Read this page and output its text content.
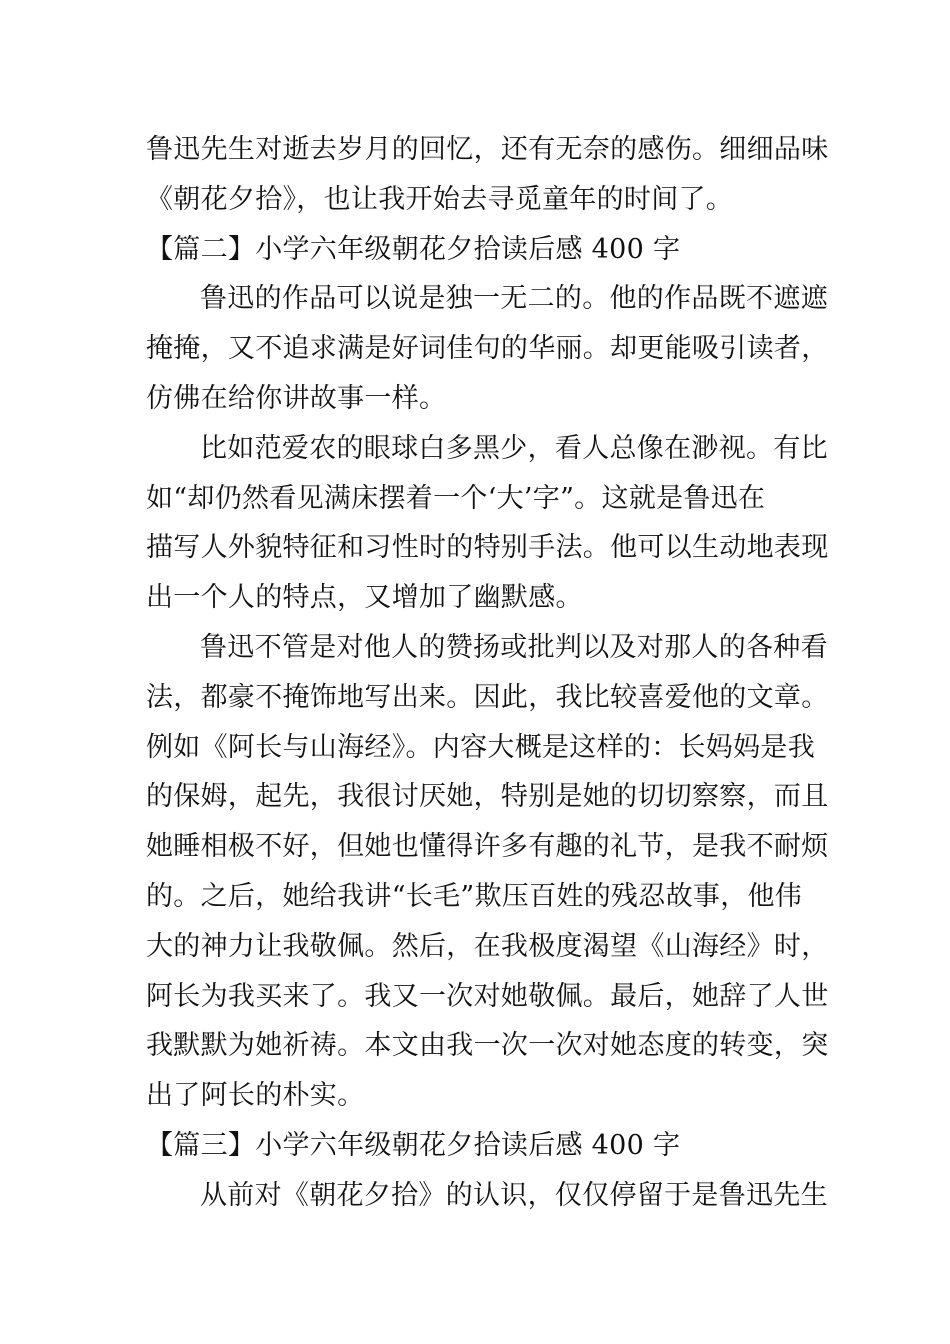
鲁迅先生对逝去岁月的回忆，还有无奈的感伤。细细品味
《朝花夕拾》，也让我开始去寻觅童年的时间了。
【篇二】小学六年级朝花夕拾读后感 400 字
鲁迅的作品可以说是独一无二的。他的作品既不遮遮
掩掩，又不追求满是好词佳句的华丽。却更能吸引读者，
仿佛在给你讲故事一样。
比如范爱农的眼球白多黑少，看人总像在渺视。有比
如“却仍然看见满床摆着一个‘大’字”。这就是鲁迅在
描写人外貌特征和习性时的特别手法。他可以生动地表现
出一个人的特点，又增加了幽默感。
鲁迅不管是对他人的赞扬或批判以及对那人的各种看
法，都豪不掩饰地写出来。因此，我比较喜爱他的文章。
例如《阿长与山海经》。内容大概是这样的：长妈妈是我
的保姆，起先，我很讨厌她，特别是她的切切察察，而且
她睡相极不好，但她也懂得许多有趣的礼节，是我不耐烦
的。之后，她给我讲“长毛”欺压百姓的残忍故事，他伟
大的神力让我敬佩。然后，在我极度渴望《山海经》时，
阿长为我买来了。我又一次对她敬佩。最后，她辞了人世
我默默为她祈祷。本文由我一次一次对她态度的转变，突
出了阿长的朴实。
【篇三】小学六年级朝花夕拾读后感 400 字
从前对《朝花夕拾》的认识，仅仅停留于是鲁迅先生
